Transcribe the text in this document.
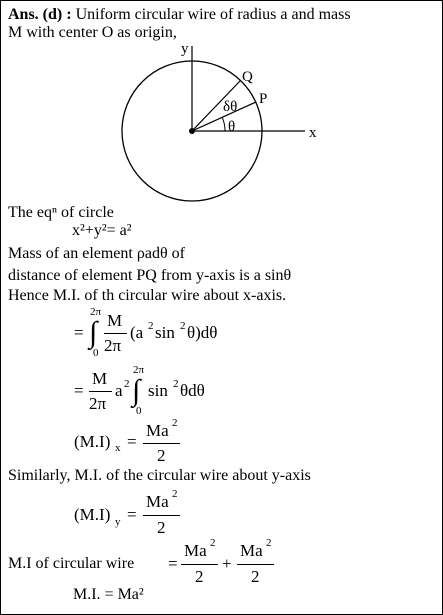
Ans. (d) : Uniform circular wire of radius a and mass
M with center O as origin,
y
x
Q
P
δθ
θ
The eqⁿ of circle
x²+y²= a²
Mass of an element ρadθ of
distance of element PQ from y-axis is a sinθ
Hence M.I. of th circular wire about x-axis.
=
2π
∫
0
M
2π
(a 2 sin 2 θ)dθ
=
M
2π
a 2
2π
∫
0
sin 2 θdθ
(M.I) x =
Ma 2
2
Similarly, M.I. of the circular wire about y-axis
(M.I) y =
Ma 2
2
M.I of circular wire =
Ma 2
2
+
Ma 2
2
M.I. = Ma²
